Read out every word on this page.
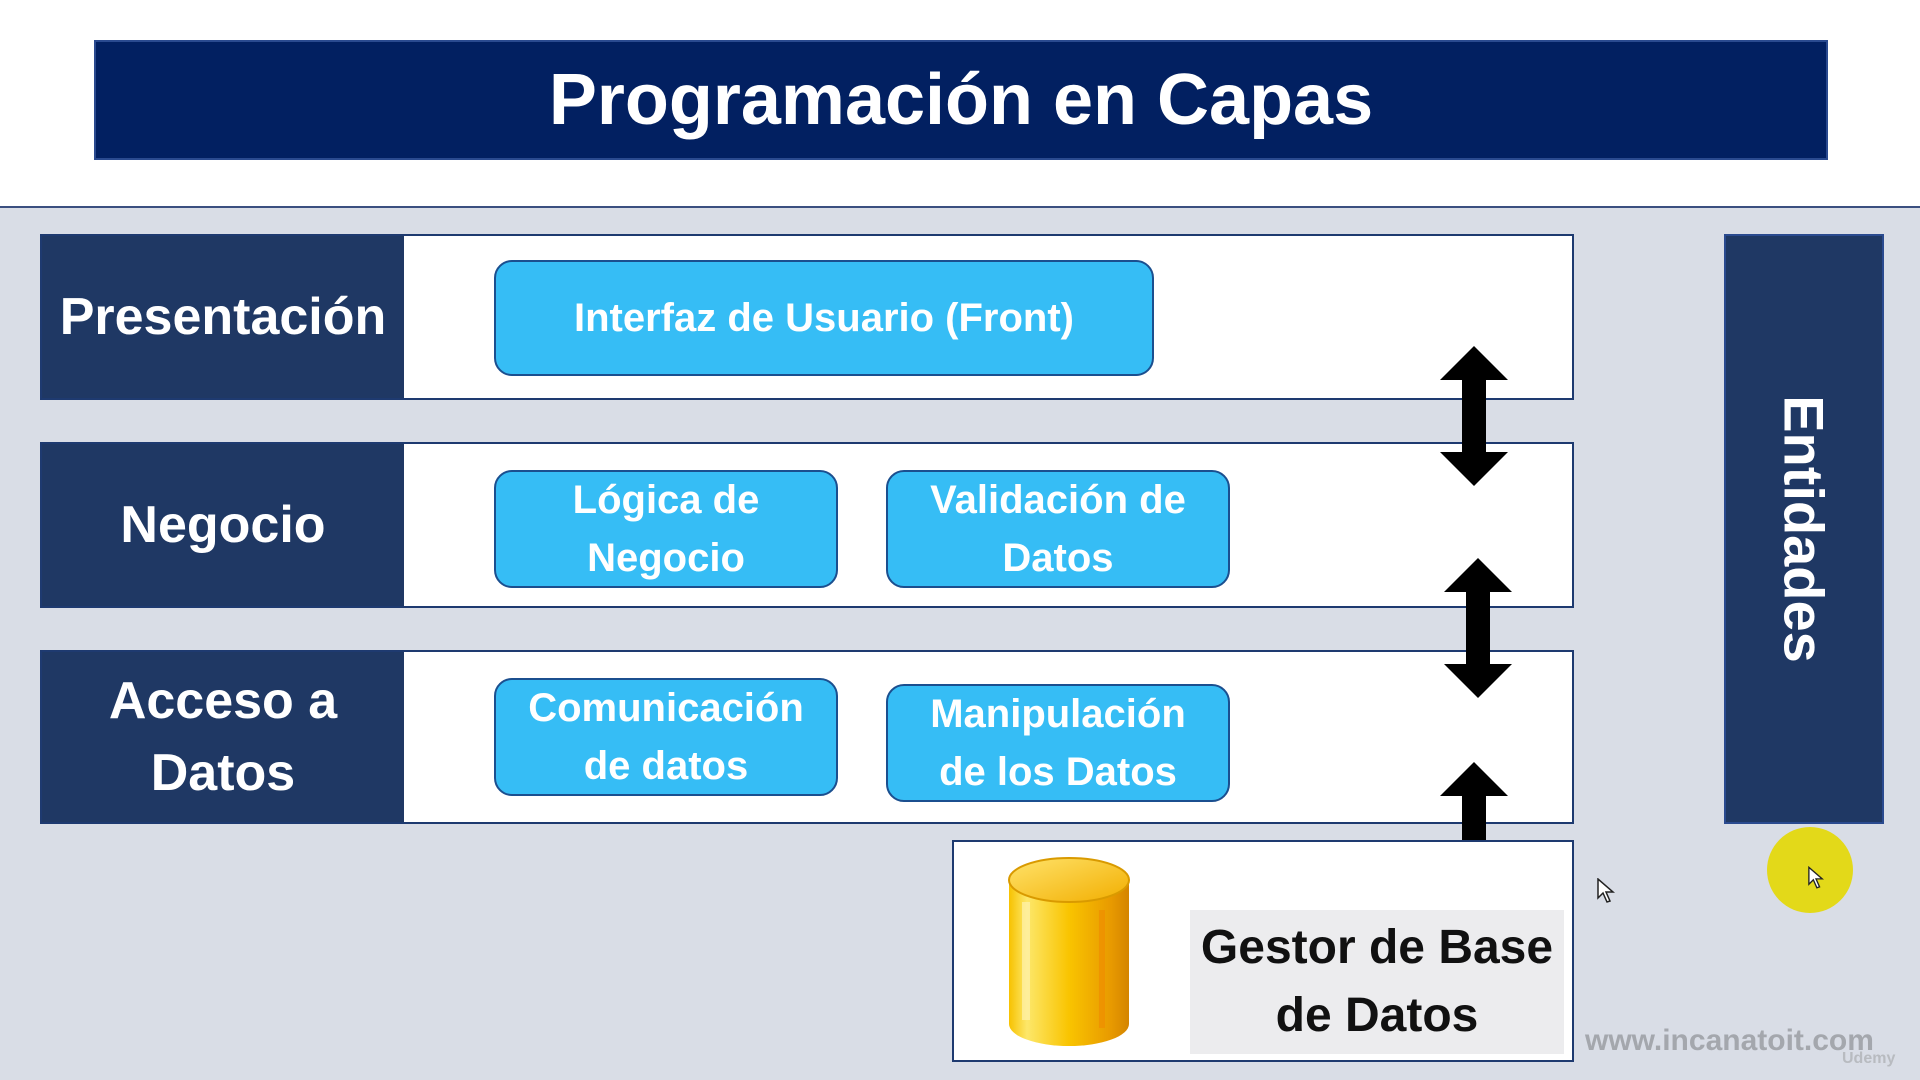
Programación en Capas
Presentación	Interfaz de Usuario (Front)
Negocio	Lógica de Negocio
Validación de Datos
Acceso a Datos
Comunicación de datos
Manipulación de los Datos
Entidades
Gestor de Base de Datos	www.incanatoit.com
Udemy
